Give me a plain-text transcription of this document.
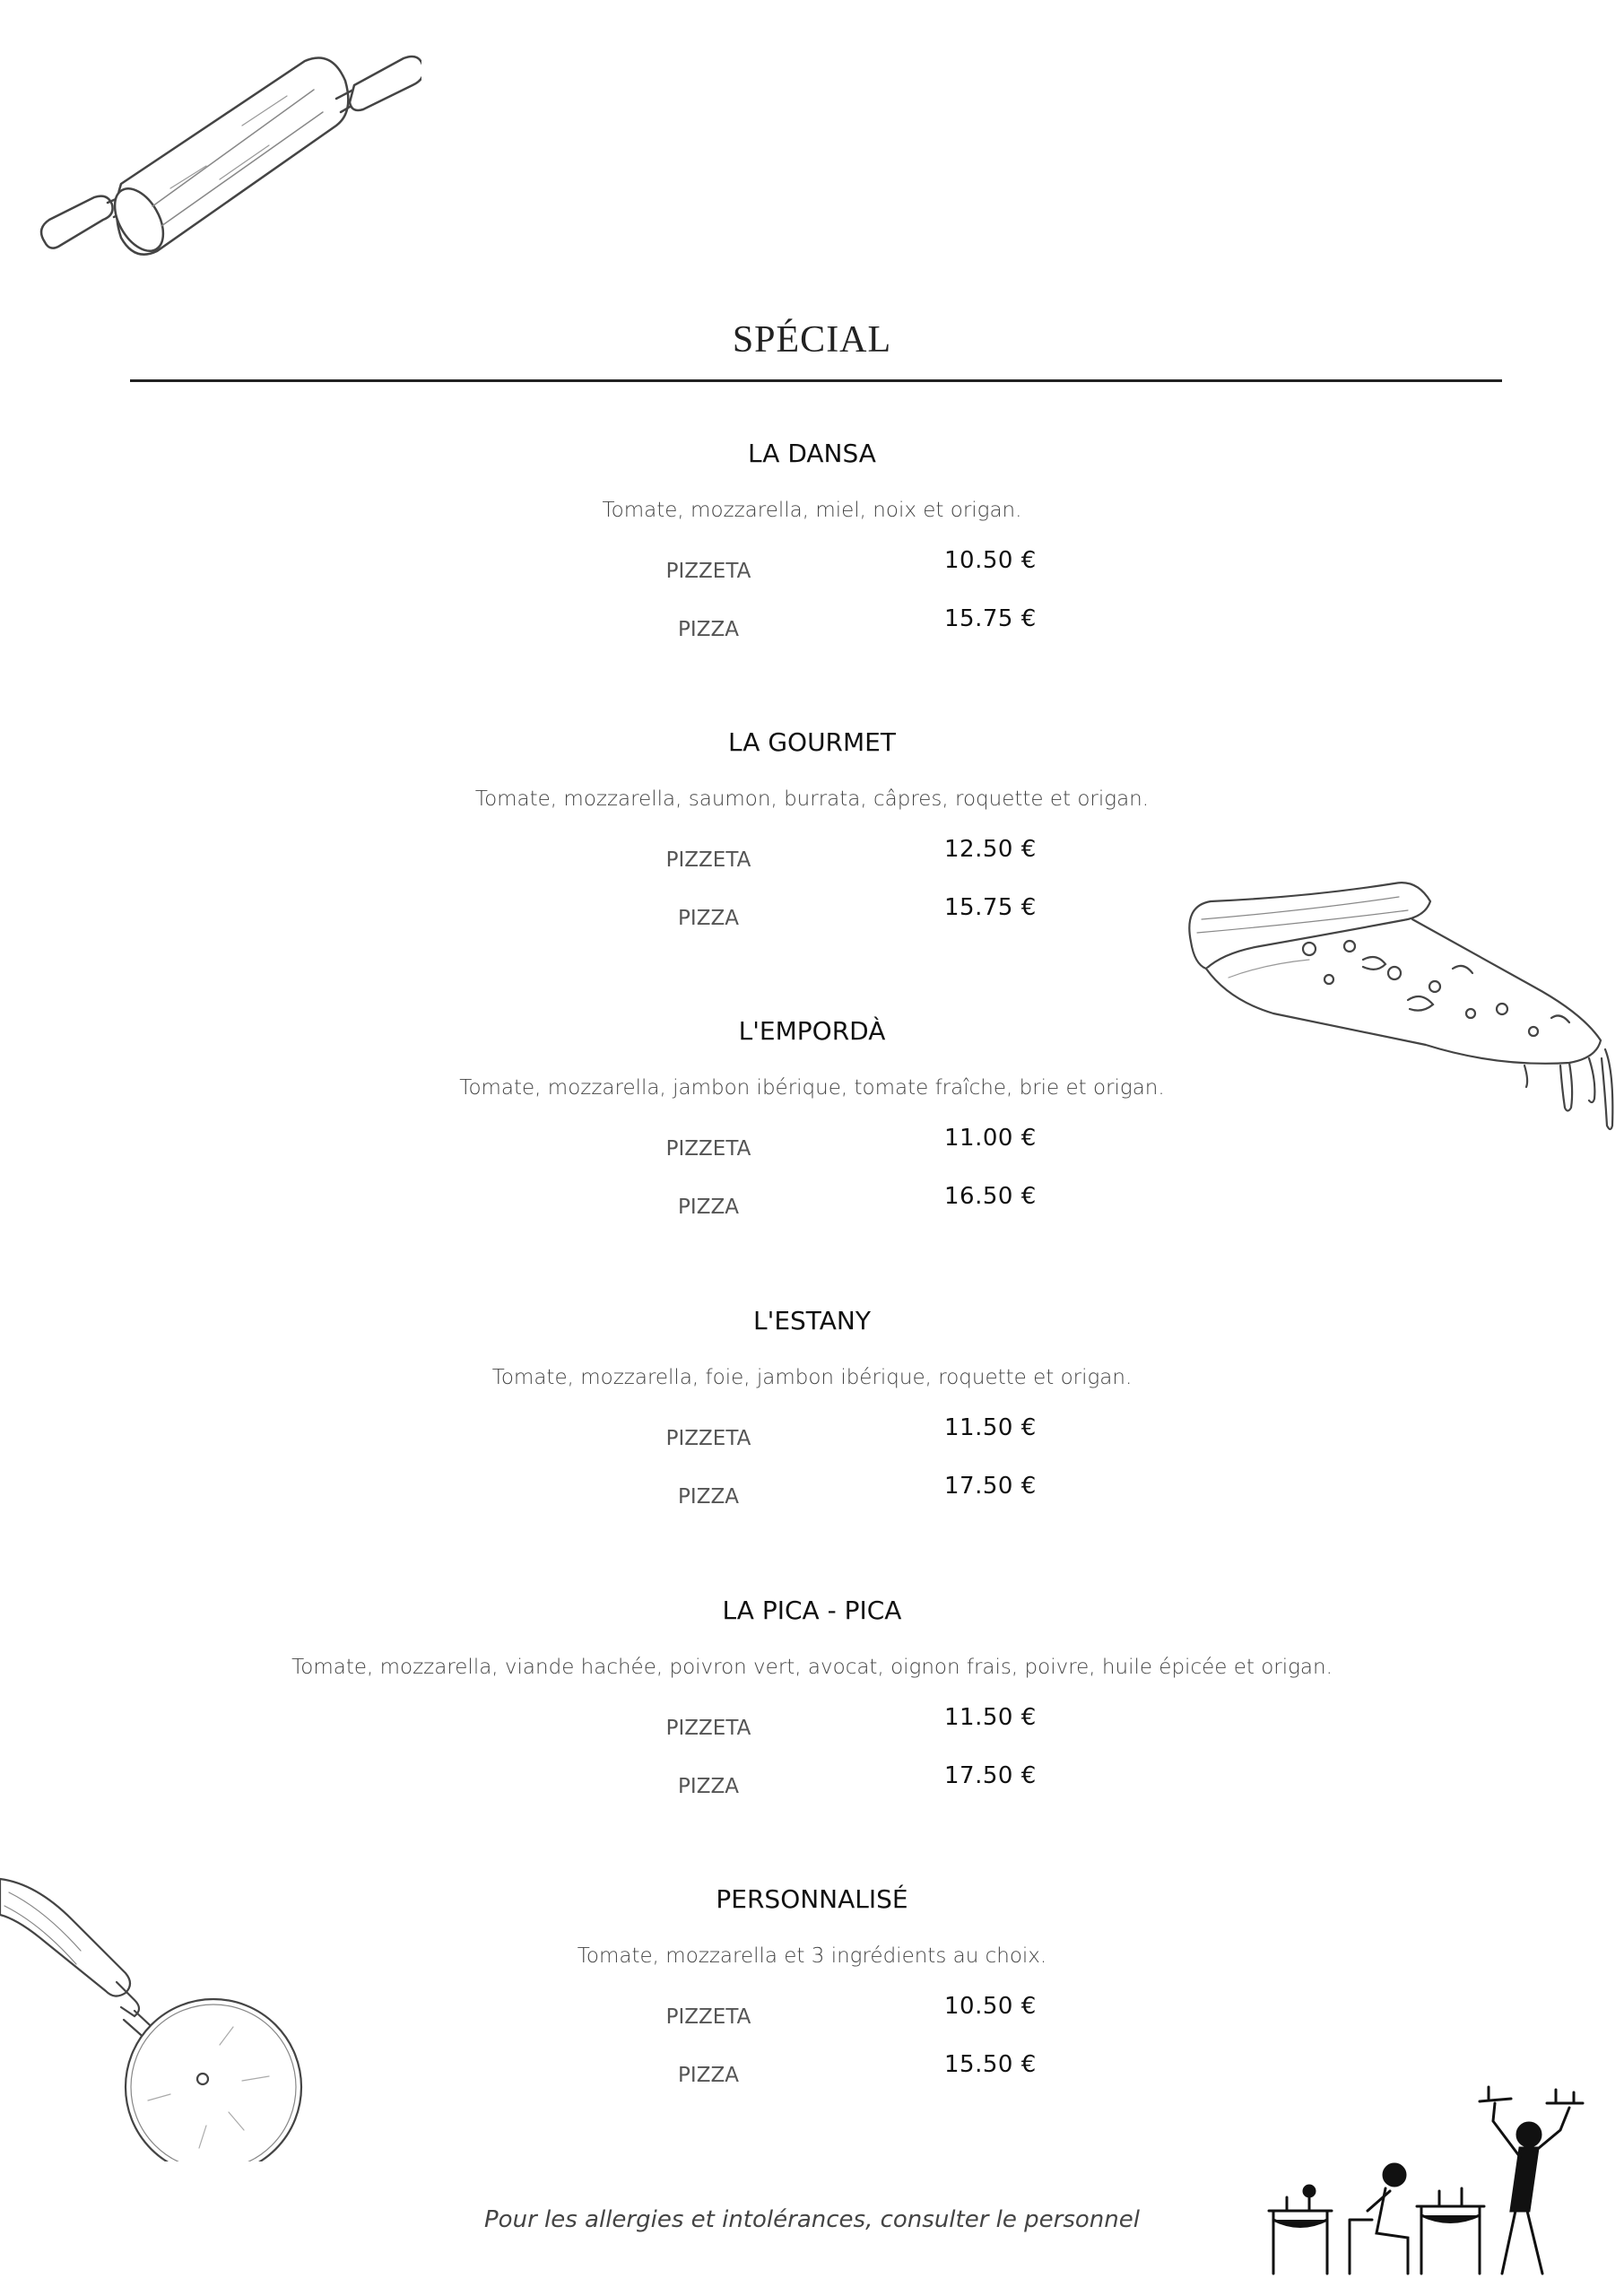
SPÉCIAL
LA DANSA
Tomate, mozzarella, miel, noix et origan.
PIZZETA	10.50 €
PIZZA	15.75 €
LA GOURMET
Tomate, mozzarella, saumon, burrata, câpres, roquette et origan.
PIZZETA	12.50 €
PIZZA	15.75 €
L'EMPORDÀ
Tomate, mozzarella, jambon ibérique, tomate fraîche, brie et origan.
PIZZETA	11.00 €
PIZZA	16.50 €
L'ESTANY
Tomate, mozzarella, foie, jambon ibérique, roquette et origan.
PIZZETA	11.50 €
PIZZA	17.50 €
LA PICA - PICA
Tomate, mozzarella, viande hachée, poivron vert, avocat, oignon frais, poivre, huile épicée et origan.
PIZZETA	11.50 €
PIZZA	17.50 €
PERSONNALISÉ
Tomate, mozzarella et 3 ingrédients au choix.
PIZZETA	10.50 €
PIZZA	15.50 €
Pour les allergies et intolérances, consulter le personnel
